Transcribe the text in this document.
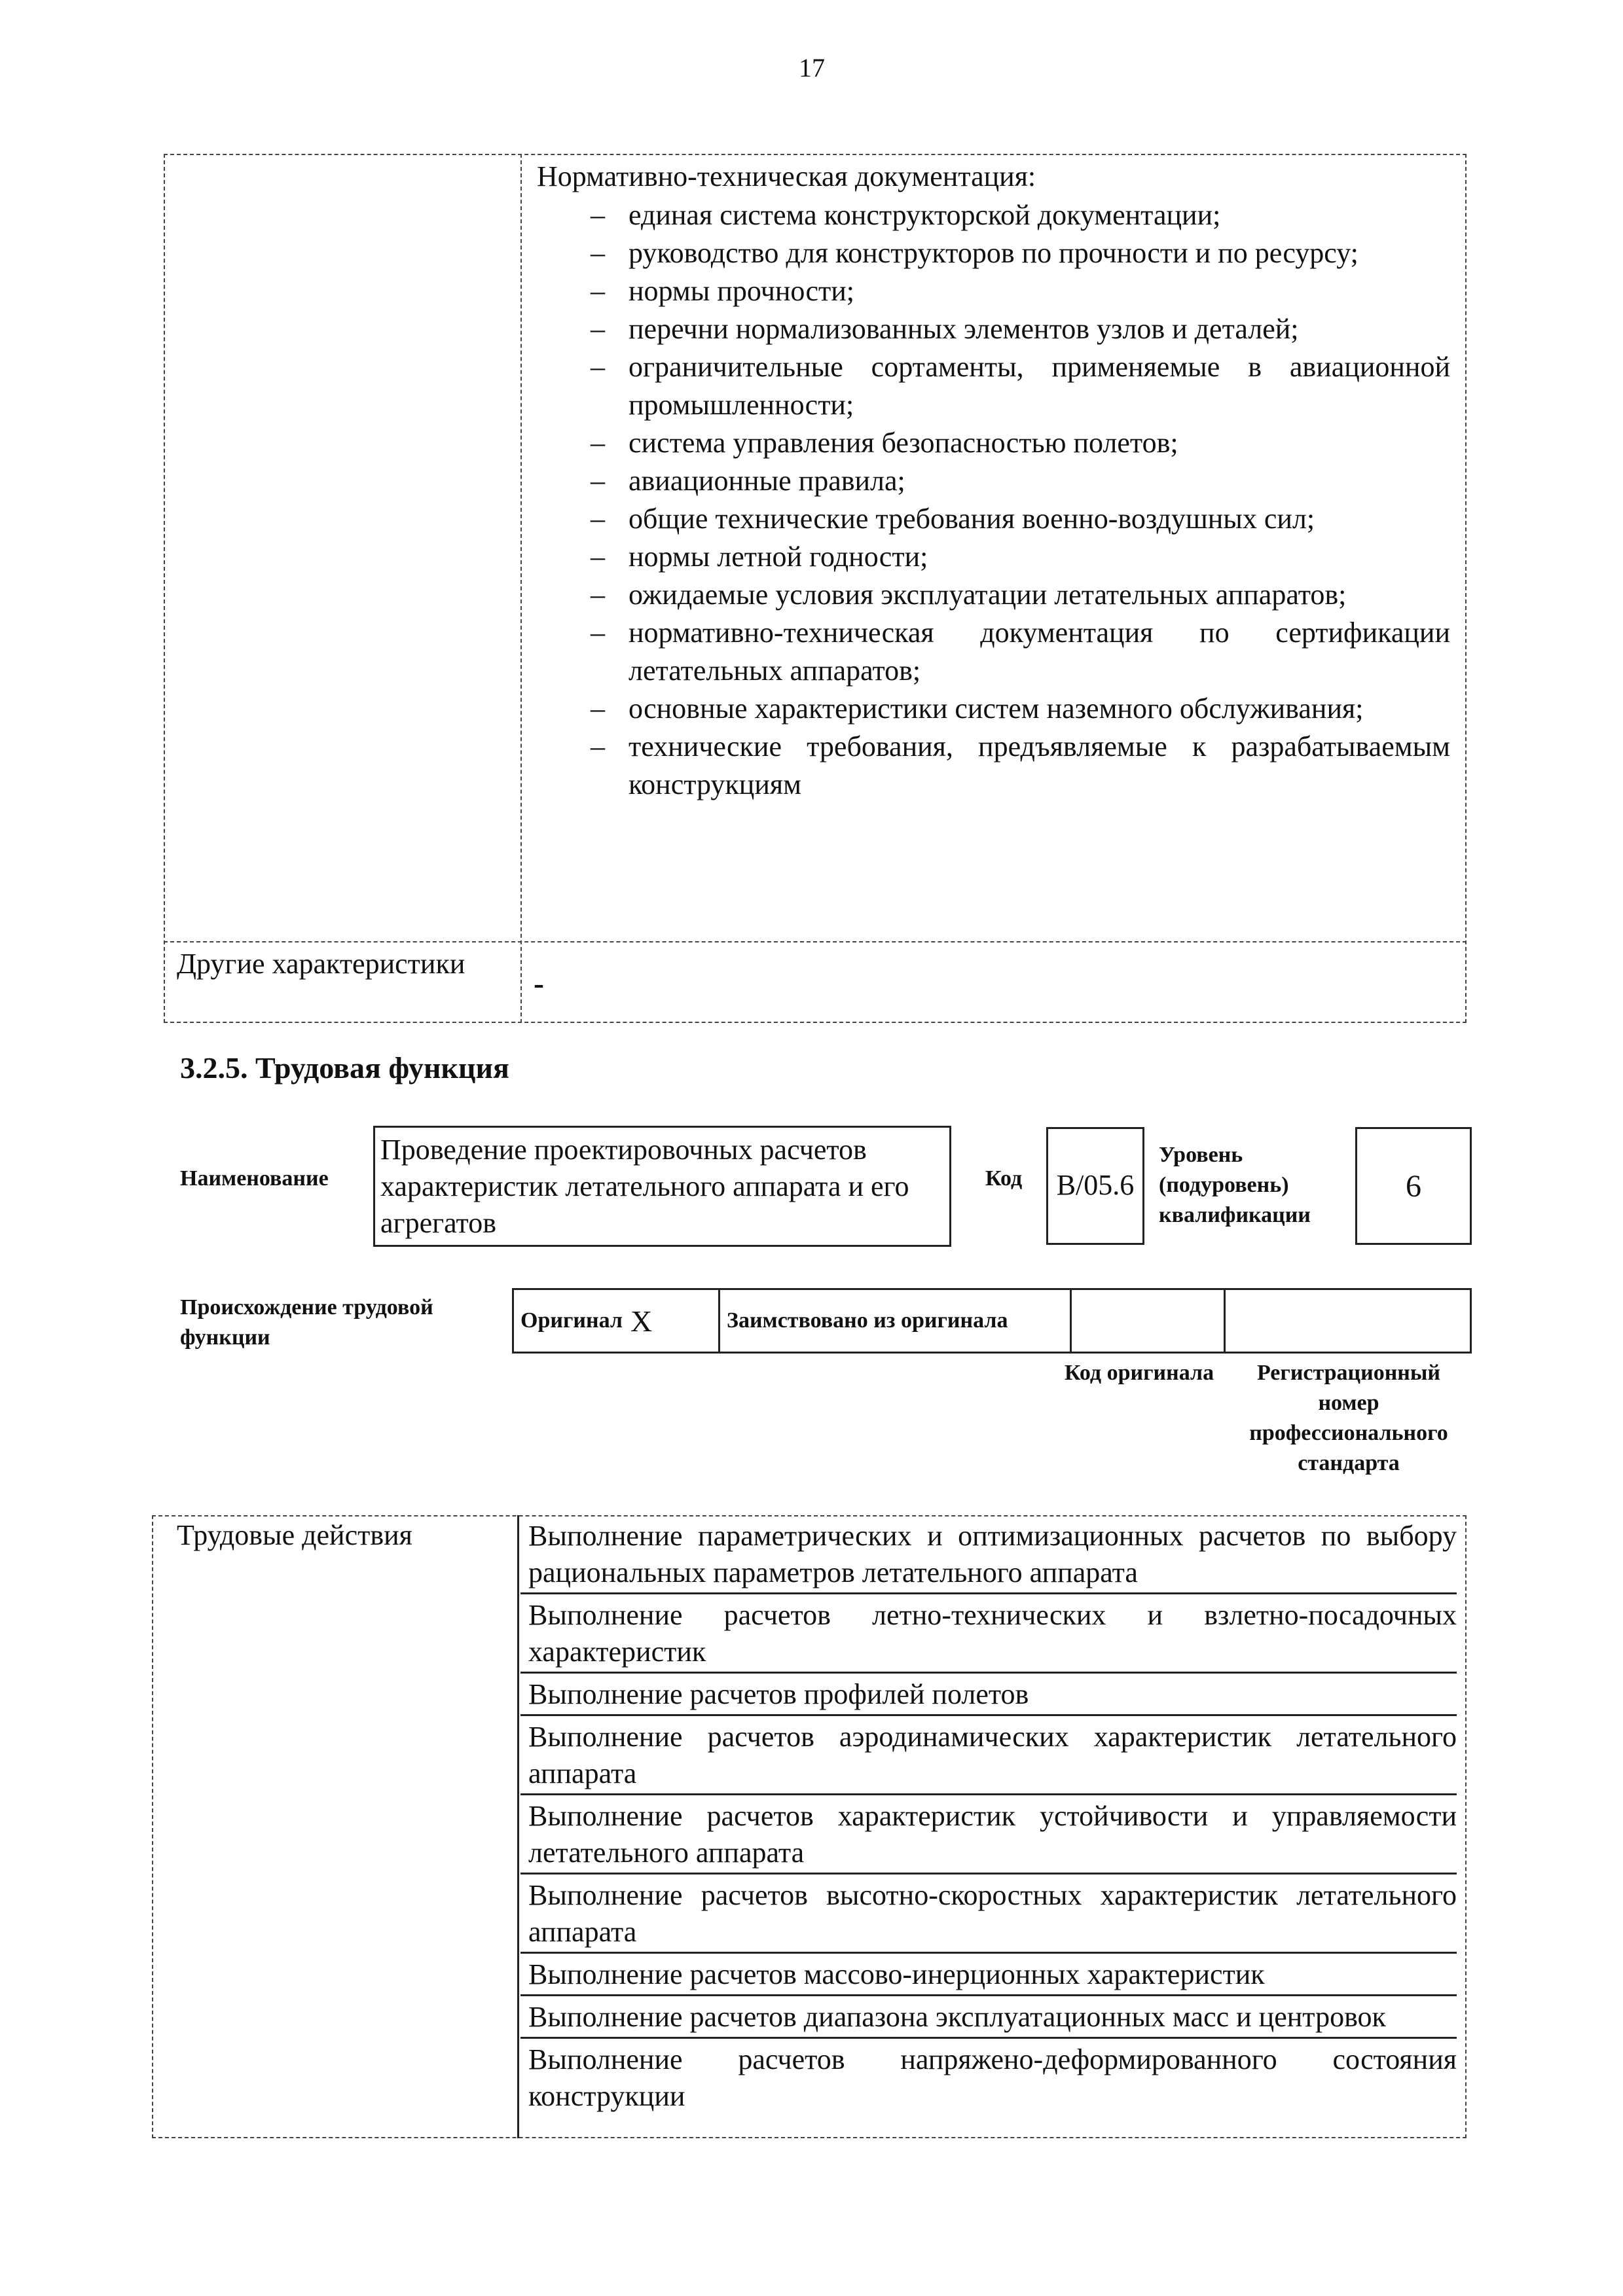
17
Нормативно-техническая документация:
– единая система конструкторской документации;
– руководство для конструкторов по прочности и по ресурсу;
– нормы прочности;
– перечни нормализованных элементов узлов и деталей;
– ограничительные сортаменты, применяемые в авиационной промышленности;
– система управления безопасностью полетов;
– авиационные правила;
– общие технические требования военно-воздушных сил;
– нормы летной годности;
– ожидаемые условия эксплуатации летательных аппаратов;
– нормативно-техническая документация по сертификации летательных аппаратов;
– основные характеристики систем наземного обслуживания;
– технические требования, предъявляемые к разрабатываемым конструкциям
Другие характеристики
-
3.2.5. Трудовая функция
Наименование
Проведение проектировочных расчетов характеристик летательного аппарата и его агрегатов
Код	B/05.6
Уровень (подуровень) квалификации
6
Происхождение трудовой функции
Оригинал X	Заимствовано из оригинала
Код оригинала	Регистрационный номер профессионального стандарта
Трудовые действия	Выполнение параметрических и оптимизационных расчетов по выбору рациональных параметров летательного аппарата
Выполнение расчетов летно-технических и взлетно-посадочных характеристик
Выполнение расчетов профилей полетов
Выполнение расчетов аэродинамических характеристик летательного аппарата
Выполнение расчетов характеристик устойчивости и управляемости летательного аппарата
Выполнение расчетов высотно-скоростных характеристик летательного аппарата
Выполнение расчетов массово-инерционных характеристик
Выполнение расчетов диапазона эксплуатационных масс и центровок
Выполнение расчетов напряжено-деформированного состояния конструкции
